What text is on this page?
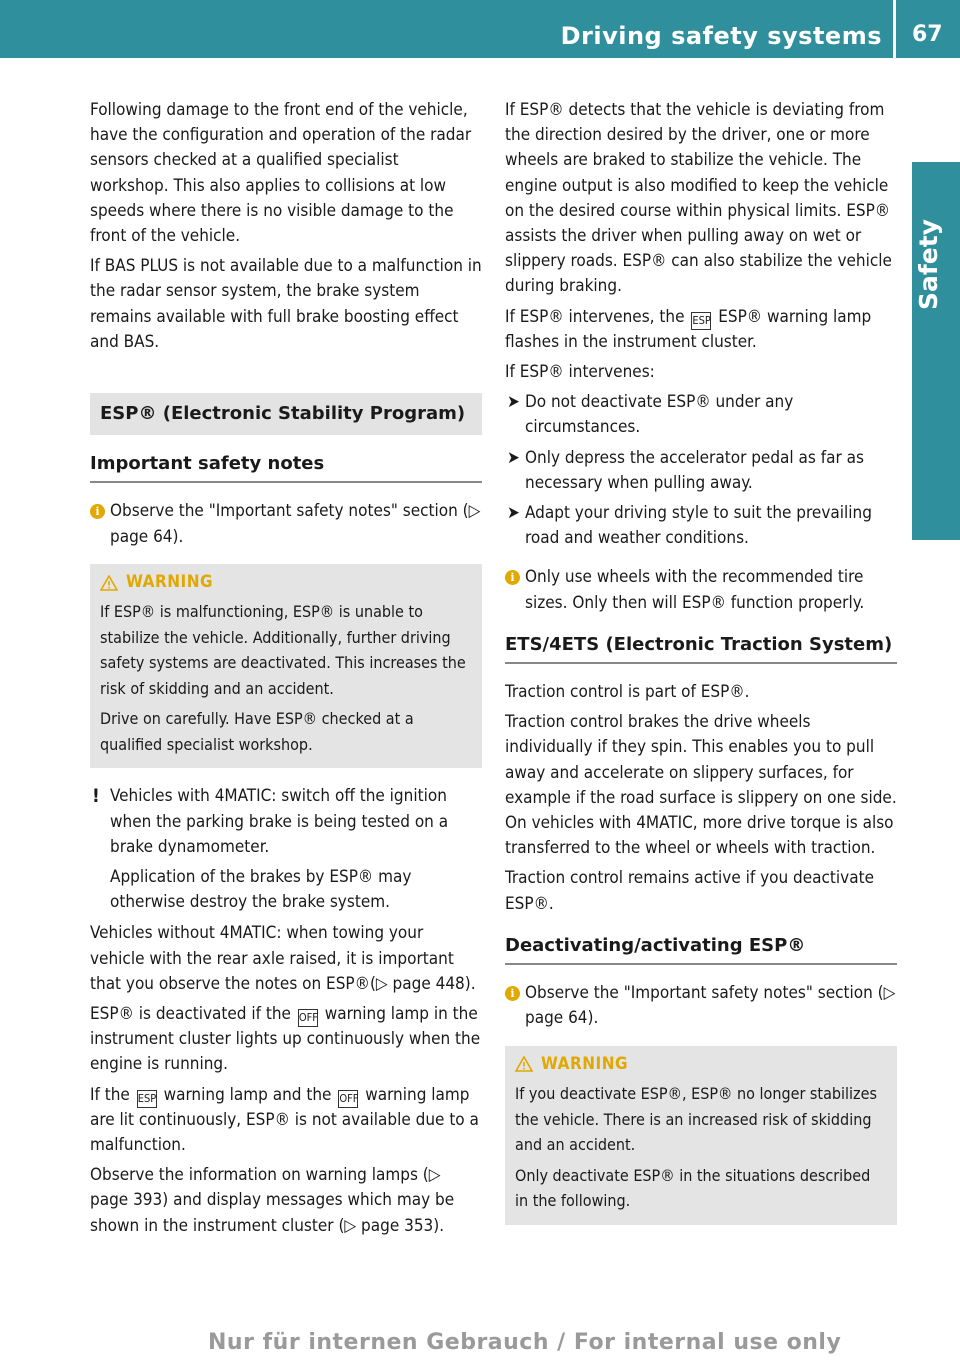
Driving safety systems 67
Safety

Following damage to the front end of the vehicle, have the configuration and operation of the radar sensors checked at a qualified specialist workshop. This also applies to collisions at low speeds where there is no visible damage to the front of the vehicle.

If BAS PLUS is not available due to a malfunction in the radar sensor system, the brake system remains available with full brake boosting effect and BAS.

ESP® (Electronic Stability Program)
Important safety notes
i Observe the "Important safety notes" section (▷ page 64).
WARNING

If ESP® is malfunctioning, ESP® is unable to stabilize the vehicle. Additionally, further driving safety systems are deactivated. This increases the risk of skidding and an accident.

Drive on carefully. Have ESP® checked at a qualified specialist workshop.

! Vehicles with 4MATIC: switch off the ignition when the parking brake is being tested on a brake dynamometer.

Application of the brakes by ESP® may otherwise destroy the brake system.

Vehicles without 4MATIC: when towing your vehicle with the rear axle raised, it is important that you observe the notes on ESP®(▷ page 448).

ESP® is deactivated if the OFF warning lamp in the instrument cluster lights up continuously when the engine is running.

If the ESP warning lamp and the OFF warning lamp are lit continuously, ESP® is not available due to a malfunction.

Observe the information on warning lamps (▷ page 393) and display messages which may be shown in the instrument cluster (▷ page 353).

If ESP® detects that the vehicle is deviating from the direction desired by the driver, one or more wheels are braked to stabilize the vehicle. The engine output is also modified to keep the vehicle on the desired course within physical limits. ESP® assists the driver when pulling away on wet or slippery roads. ESP® can also stabilize the vehicle during braking.

If ESP® intervenes, the ESP ESP® warning lamp flashes in the instrument cluster.

If ESP® intervenes:

➤ Do not deactivate ESP® under any circumstances.
➤ Only depress the accelerator pedal as far as necessary when pulling away.
➤ Adapt your driving style to suit the prevailing road and weather conditions.
i Only use wheels with the recommended tire sizes. Only then will ESP® function properly.
ETS/4ETS (Electronic Traction System)

Traction control is part of ESP®.

Traction control brakes the drive wheels individually if they spin. This enables you to pull away and accelerate on slippery surfaces, for example if the road surface is slippery on one side. On vehicles with 4MATIC, more drive torque is also transferred to the wheel or wheels with traction.

Traction control remains active if you deactivate ESP®.

Deactivating/activating ESP®
i Observe the "Important safety notes" section (▷ page 64).
WARNING

If you deactivate ESP®, ESP® no longer stabilizes the vehicle. There is an increased risk of skidding and an accident.

Only deactivate ESP® in the situations described in the following.

Nur für internen Gebrauch / For internal use only
